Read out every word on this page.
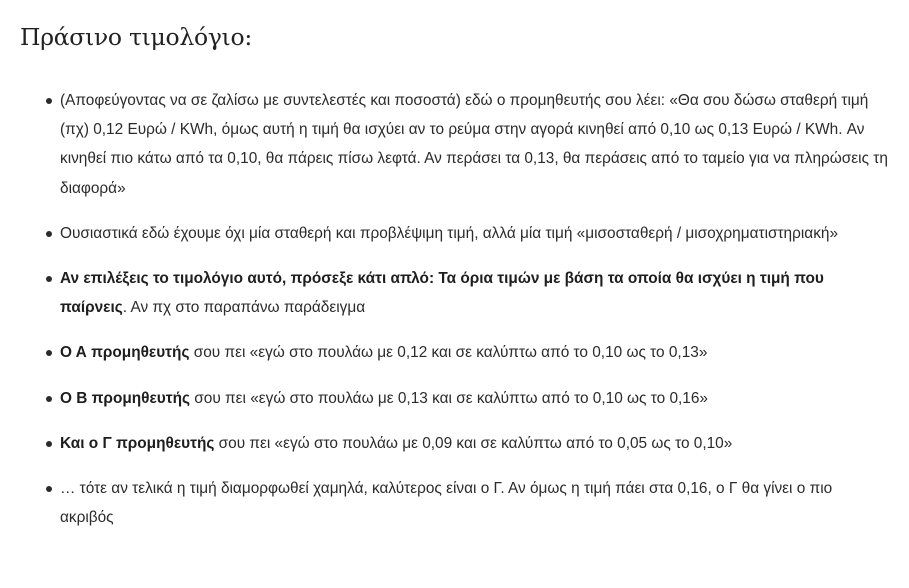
Πράσινο τιμολόγιο:
(Αποφεύγοντας να σε ζαλίσω με συντελεστές και ποσοστά) εδώ ο προμηθευτής σου λέει: «Θα σου δώσω σταθερή τιμή (πχ) 0,12 Ευρώ / KWh, όμως αυτή η τιμή θα ισχύει αν το ρεύμα στην αγορά κινηθεί από 0,10 ως 0,13 Ευρώ / KWh. Αν κινηθεί πιο κάτω από τα 0,10, θα πάρεις πίσω λεφτά. Αν περάσει τα 0,13, θα περάσεις από το ταμείο για να πληρώσεις τη διαφορά»
Ουσιαστικά εδώ έχουμε όχι μία σταθερή και προβλέψιμη τιμή, αλλά μία τιμή «μισοσταθερή / μισοχρηματιστηριακή»
Αν επιλέξεις το τιμολόγιο αυτό, πρόσεξε κάτι απλό: Τα όρια τιμών με βάση τα οποία θα ισχύει η τιμή που παίρνεις. Αν πχ στο παραπάνω παράδειγμα
Ο Α προμηθευτής σου πει «εγώ στο πουλάω με 0,12 και σε καλύπτω από το 0,10 ως το 0,13»
Ο Β προμηθευτής σου πει «εγώ στο πουλάω με 0,13 και σε καλύπτω από το 0,10 ως το 0,16»
Και ο Γ προμηθευτής σου πει «εγώ στο πουλάω με 0,09 και σε καλύπτω από το 0,05 ως το 0,10»
… τότε αν τελικά η τιμή διαμορφωθεί χαμηλά, καλύτερος είναι ο Γ. Αν όμως η τιμή πάει στα 0,16, ο Γ θα γίνει ο πιο ακριβός
